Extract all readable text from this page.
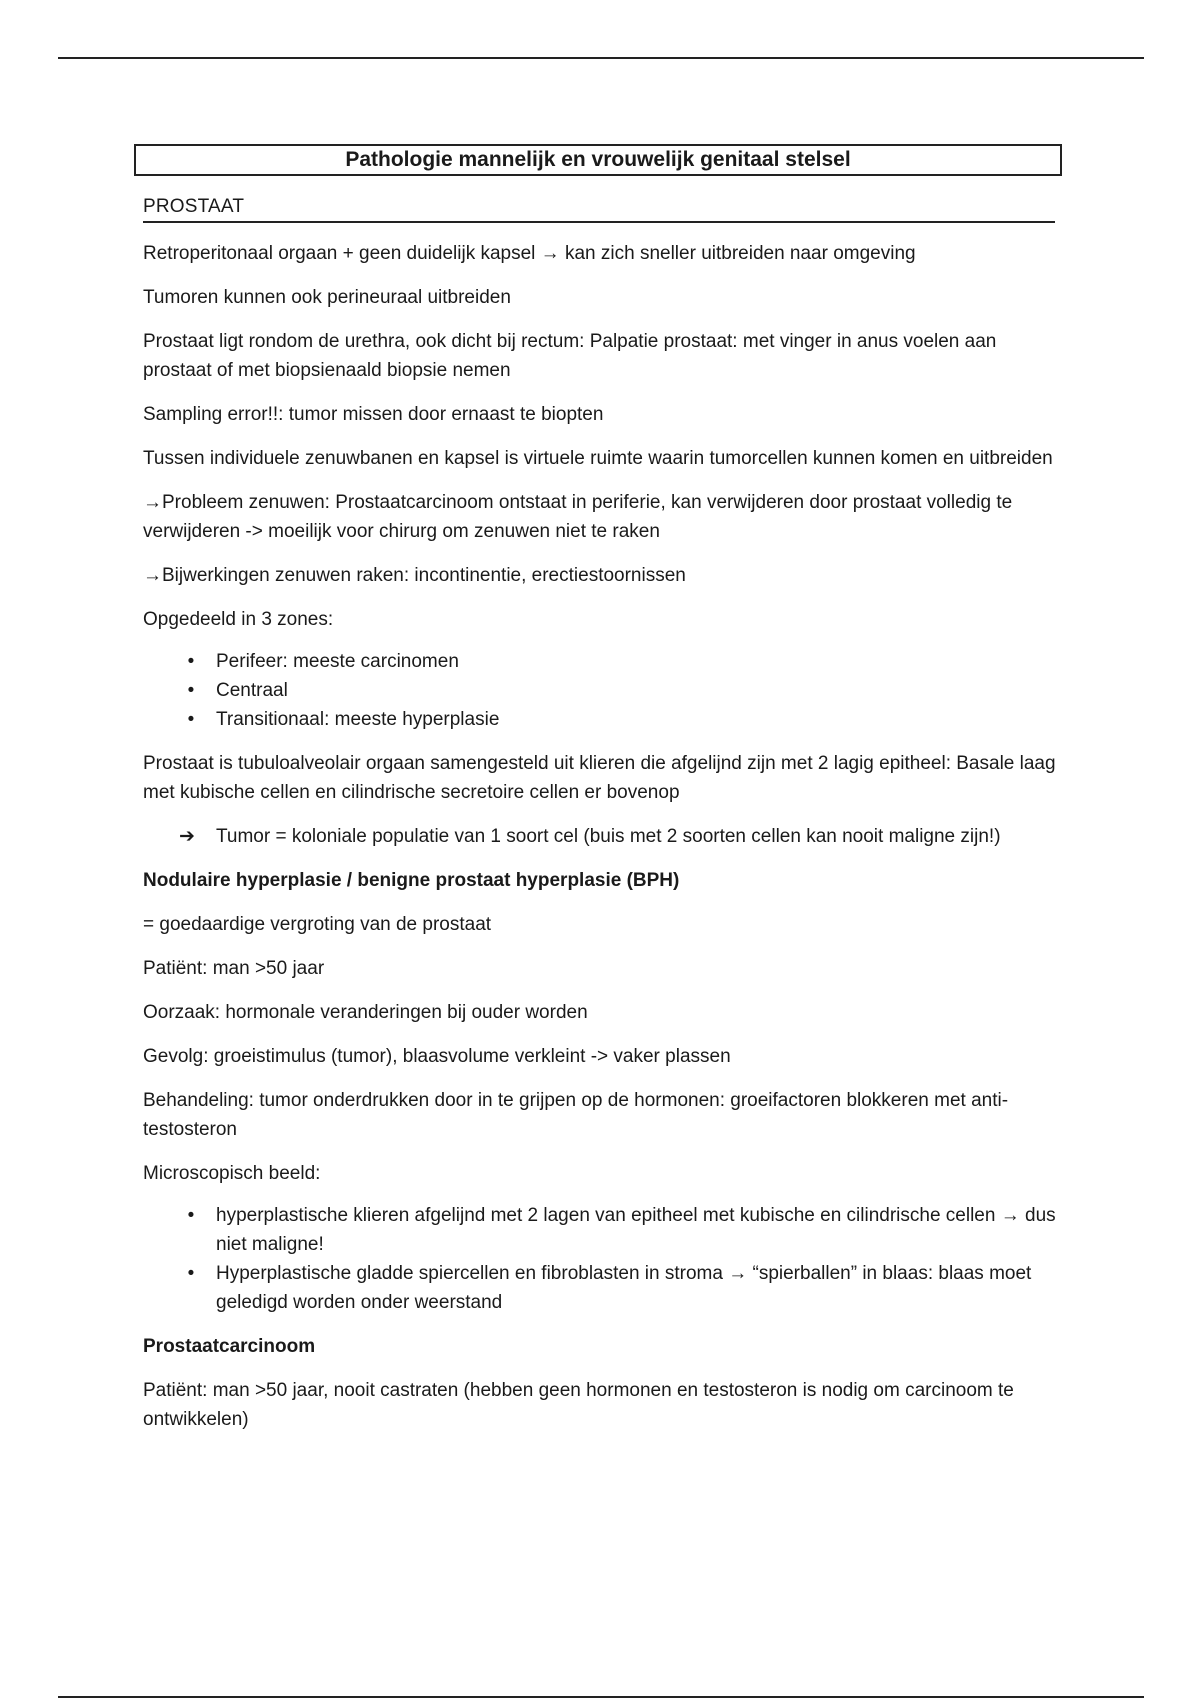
Pathologie mannelijk en vrouwelijk genitaal stelsel
PROSTAAT

Retroperitonaal orgaan + geen duidelijk kapsel → kan zich sneller uitbreiden naar omgeving

Tumoren kunnen ook perineuraal uitbreiden

Prostaat ligt rondom de urethra, ook dicht bij rectum: Palpatie prostaat: met vinger in anus voelen aan prostaat of met biopsienaald biopsie nemen

Sampling error!!: tumor missen door ernaast te biopten

Tussen individuele zenuwbanen en kapsel is virtuele ruimte waarin tumorcellen kunnen komen en uitbreiden

→Probleem zenuwen: Prostaatcarcinoom ontstaat in periferie, kan verwijderen door prostaat volledig te verwijderen -> moeilijk voor chirurg om zenuwen niet te raken

→Bijwerkingen zenuwen raken: incontinentie, erectiestoornissen

Opgedeeld in 3 zones:

•	Perifeer: meeste carcinomen
•	Centraal
•	Transitionaal: meeste hyperplasie

Prostaat is tubuloalveolair orgaan samengesteld uit klieren die afgelijnd zijn met 2 lagig epitheel: Basale laag met kubische cellen en cilindrische secretoire cellen er bovenop

➔ Tumor = koloniale populatie van 1 soort cel (buis met 2 soorten cellen kan nooit maligne zijn!)

Nodulaire hyperplasie / benigne prostaat hyperplasie (BPH)

= goedaardige vergroting van de prostaat

Patiënt: man >50 jaar

Oorzaak: hormonale veranderingen bij ouder worden

Gevolg: groeistimulus (tumor), blaasvolume verkleint -> vaker plassen

Behandeling: tumor onderdrukken door in te grijpen op de hormonen: groeifactoren blokkeren met anti-testosteron

Microscopisch beeld:

•	hyperplastische klieren afgelijnd met 2 lagen van epitheel met kubische en cilindrische cellen → dus niet maligne!
•	Hyperplastische gladde spiercellen en fibroblasten in stroma → “spierballen” in blaas: blaas moet geledigd worden onder weerstand

Prostaatcarcinoom

Patiënt: man >50 jaar, nooit castraten (hebben geen hormonen en testosteron is nodig om carcinoom te ontwikkelen)
